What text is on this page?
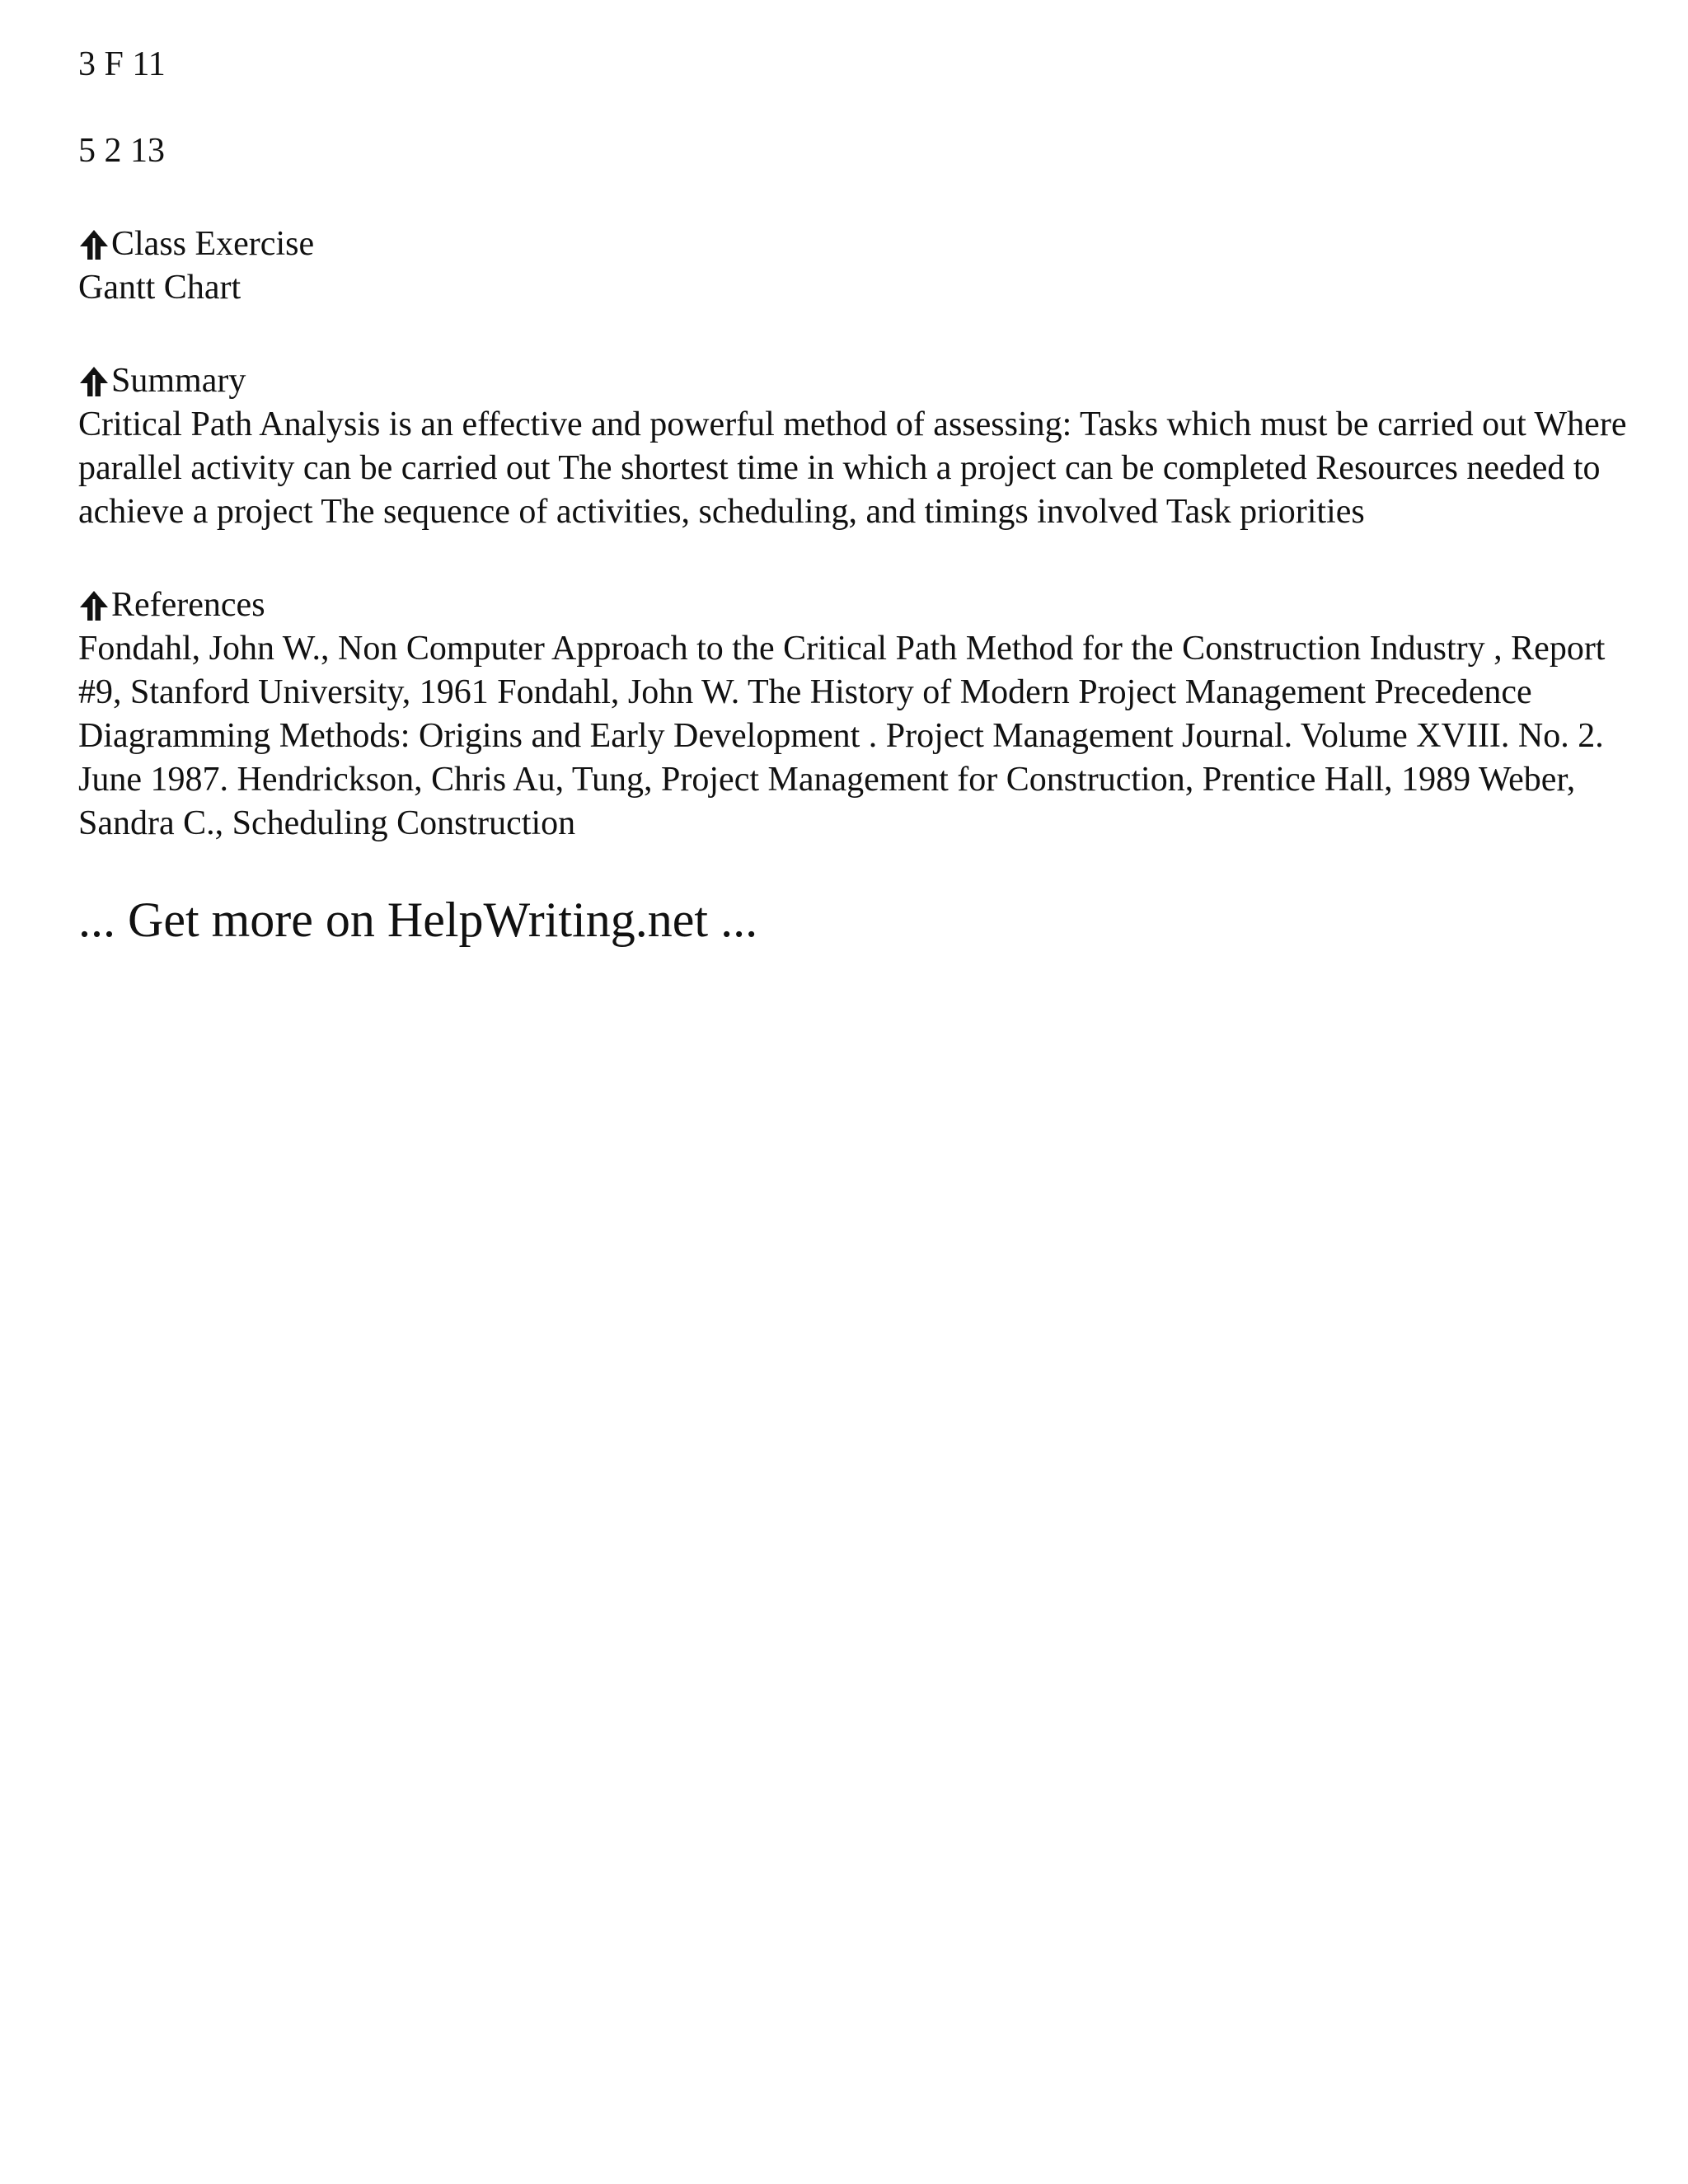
3 F 11

5 2 13

Class Exercise

Gantt Chart

Summary

Critical Path Analysis is an effective and powerful method of assessing: Tasks which must be carried out Where parallel activity can be carried out The shortest time in which a project can be completed Resources needed to achieve a project The sequence of activities, scheduling, and timings involved Task priorities

References

Fondahl, John W., Non Computer Approach to the Critical Path Method for the Construction Industry , Report #9, Stanford University, 1961 Fondahl, John W. The History of Modern Project Management Precedence Diagramming Methods: Origins and Early Development . Project Management Journal. Volume XVIII. No. 2. June 1987. Hendrickson, Chris Au, Tung, Project Management for Construction, Prentice Hall, 1989 Weber, Sandra C., Scheduling Construction

... Get more on HelpWriting.net ...
